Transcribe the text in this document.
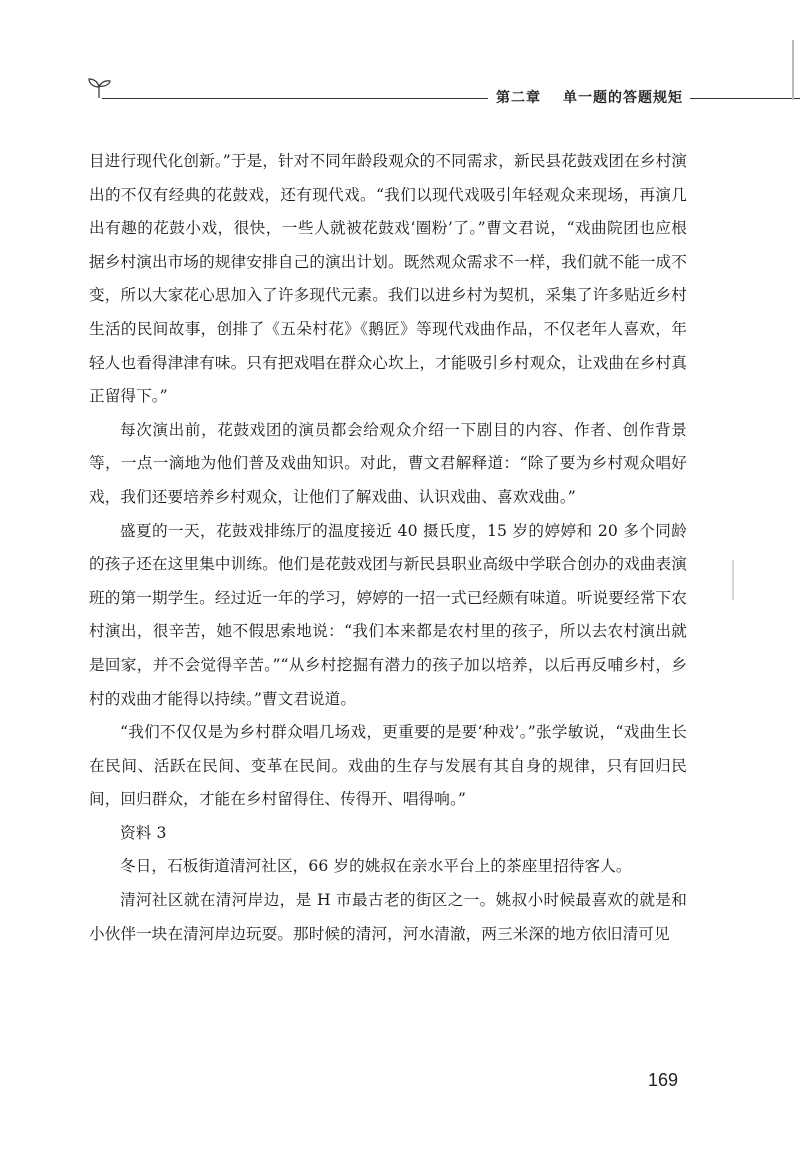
第二章 单一题的答题规矩

目进行现代化创新。”于是，针对不同年龄段观众的不同需求，新民县花鼓戏团在乡村演出的不仅有经典的花鼓戏，还有现代戏。“我们以现代戏吸引年轻观众来现场，再演几出有趣的花鼓小戏，很快，一些人就被花鼓戏‘圈粉’了。”曹文君说，“戏曲院团也应根据乡村演出市场的规律安排自己的演出计划。既然观众需求不一样，我们就不能一成不变，所以大家花心思加入了许多现代元素。我们以进乡村为契机，采集了许多贴近乡村生活的民间故事，创排了《五朵村花》《鹅匠》等现代戏曲作品，不仅老年人喜欢，年轻人也看得津津有味。只有把戏唱在群众心坎上，才能吸引乡村观众，让戏曲在乡村真正留得下。”

每次演出前，花鼓戏团的演员都会给观众介绍一下剧目的内容、作者、创作背景等，一点一滴地为他们普及戏曲知识。对此，曹文君解释道：“除了要为乡村观众唱好戏，我们还要培养乡村观众，让他们了解戏曲、认识戏曲、喜欢戏曲。”

盛夏的一天，花鼓戏排练厅的温度接近 40 摄氏度，15 岁的婷婷和 20 多个同龄的孩子还在这里集中训练。他们是花鼓戏团与新民县职业高级中学联合创办的戏曲表演班的第一期学生。经过近一年的学习，婷婷的一招一式已经颇有味道。听说要经常下农村演出，很辛苦，她不假思索地说：“我们本来都是农村里的孩子，所以去农村演出就是回家，并不会觉得辛苦。”“从乡村挖掘有潜力的孩子加以培养，以后再反哺乡村，乡村的戏曲才能得以持续。”曹文君说道。

“我们不仅仅是为乡村群众唱几场戏，更重要的是要‘种戏’。”张学敏说，“戏曲生长在民间、活跃在民间、变革在民间。戏曲的生存与发展有其自身的规律，只有回归民间，回归群众，才能在乡村留得住、传得开、唱得响。”

资料 3

冬日，石板街道清河社区，66 岁的姚叔在亲水平台上的茶座里招待客人。

清河社区就在清河岸边，是 H 市最古老的街区之一。姚叔小时候最喜欢的就是和小伙伴一块在清河岸边玩耍。那时候的清河，河水清澈，两三米深的地方依旧清可见

169
